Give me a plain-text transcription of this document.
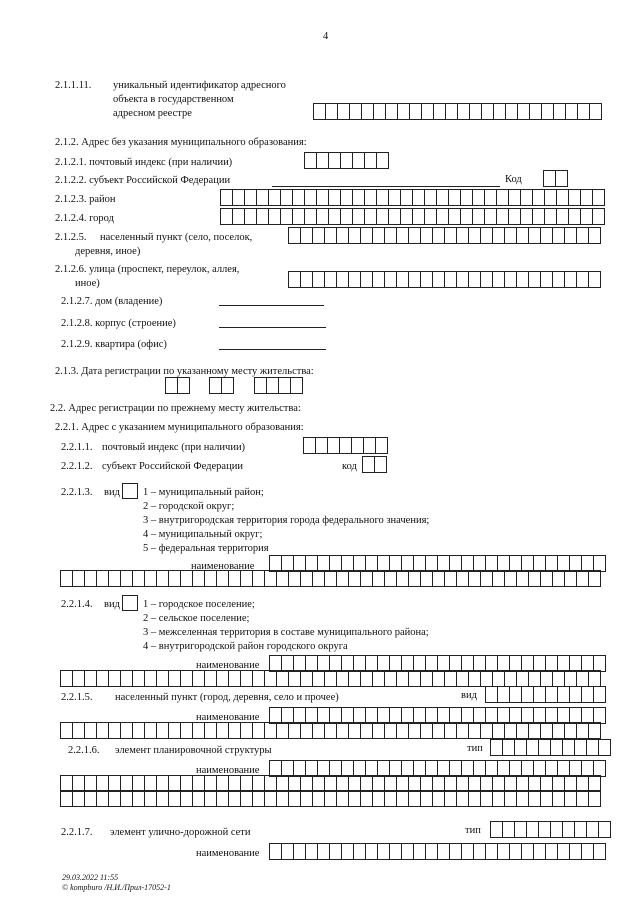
4
2.1.1.11. уникальный идентификатор адресного
объекта в государственном
адресном реестре
2.1.2. Адрес без указания муниципального образования:
2.1.2.1. почтовый индекс (при наличии)
2.1.2.2. субъект Российской Федерации	Код
2.1.2.3. район
2.1.2.4. город
2.1.2.5. населенный пункт (село, поселок,
деревня, иное)
2.1.2.6. улица (проспект, переулок, аллея,
иное)
2.1.2.7. дом (владение)
2.1.2.8. корпус (строение)
2.1.2.9. квартира (офис)
2.1.3. Дата регистрации по указанному месту жительства:
2.2. Адрес регистрации по прежнему месту жительства:
2.2.1. Адрес с указанием муниципального образования:
2.2.1.1. почтовый индекс (при наличии)
2.2.1.2. субъект Российской Федерации	код
2.2.1.3. вид 1 – муниципальный район;
2 – городской округ;
3 – внутригородская территория города федерального значения;
4 – муниципальный округ;
5 – федеральная территория
наименование
2.2.1.4. вид 1 – городское поселение;
2 – сельское поселение;
3 – межселенная территория в составе муниципального района;
4 – внутригородской район городского округа
наименование
2.2.1.5. населенный пункт (город, деревня, село и прочее)	вид
наименование
2.2.1.6. элемент планировочной структуры	тип
наименование
2.2.1.7. элемент улично-дорожной сети	тип
наименование
29.03.2022 11:55
© kompburo /Н.И./Прил-17052-1
